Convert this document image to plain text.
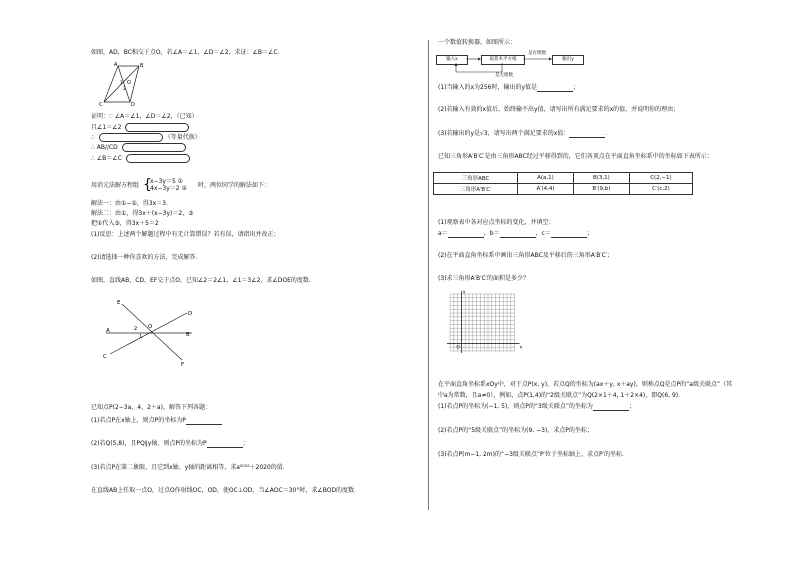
如图，AD，BC相交于点O，若∠A＝∠1，∠D＝∠2，求证：∠B＝∠C．
A	B
1 O
2
C	D
证明：∵ ∠A＝∠1，∠D＝∠2，（已知）
且∠1＝∠2
∴	（等量代换）
∴ AB//CD
∴ ∠B＝∠C
用消元法解方程组 {
x−3y＝5 ①
4x−3y＝2 ② 时，两位同学的解法如下：
解法一：由①−②，得3x＝3．
解法二：由①，得3x＋(x−3y)＝2，③
把①代入③，得3x＋5＝2
(1)反思：上述两个解题过程中有无计算错误？若有误，请指出并改正；
(2)请选择一种你喜欢的方法，完成解答．
如图，直线AB，CD，EF交于点O，已知∠2＝2∠1，∠1＝3∠2，求∠DOE的度数．
E
D
A	2 O
1	B
C
F
已知点P(2−3a，4，2＋a)，解答下列各题：
(1)若点P在x轴上，则点P的坐标为P
(2)若Q(5,8)，且PQ∥y轴，则点P的坐标为P	；
(3)若点P在第二象限，且它到x轴、y轴的距离相等，求a²⁰¹⁹＋2020的值．
在直线AB上任取一点O，过点O作射线OC，OD，使OC⊥OD，当∠AOC＝30°时，求∠BOD的度数．
一个数值转换器，如图所示：
输入x	取算术平方根	输出y
是有理数
是无理数
(1)当输入的x为256时，输出的y值是	；
(2)若输入有效的x值后，始终输不出y值，请写出所有满足要求的x的值，并说明你的理由；
(3)若输出的y是√3，请写出两个满足要求的x值：	．
已知三角形A′B′C′是由三角形ABC经过平移得到的，它们各顶点在平面直角坐标系中的坐标如下表所示：
三角形ABC	A(a,1)	B(3,1)	C(2,−1)
三角形A′B′C′	A′(4,4)	B′(9,b)	C′(c,2)
(1)观察表中各对应点坐标的变化，并填空：
a＝	，b＝	，c＝	；
(2)在平面直角坐标系中画出三角形ABC及平移后的三角形A′B′C′；
(3)求三角形A′B′C′的面积是多少？
y
x
O
在平面直角坐标系xOy中，对于点P(x, y)，若点Q的坐标为(ax＋y, x＋ay)，则称点Q是点P的“a级关联点”（其
中a为常数，且a≠0），例如，点P(1,4)的“2级关联点”为Q(2×1＋4, 1＋2×4)，即Q(6, 9)．
(1)若点P的坐标为(−1, 5)，则点P的“3级关联点”的坐标为	；
(2)若点P的“5级关联点”的坐标为(9, −3)，求点P的坐标；
(3)若点P(m−1, 2m)的“−3级关联点”P′位于坐标轴上，求点P′的坐标．
